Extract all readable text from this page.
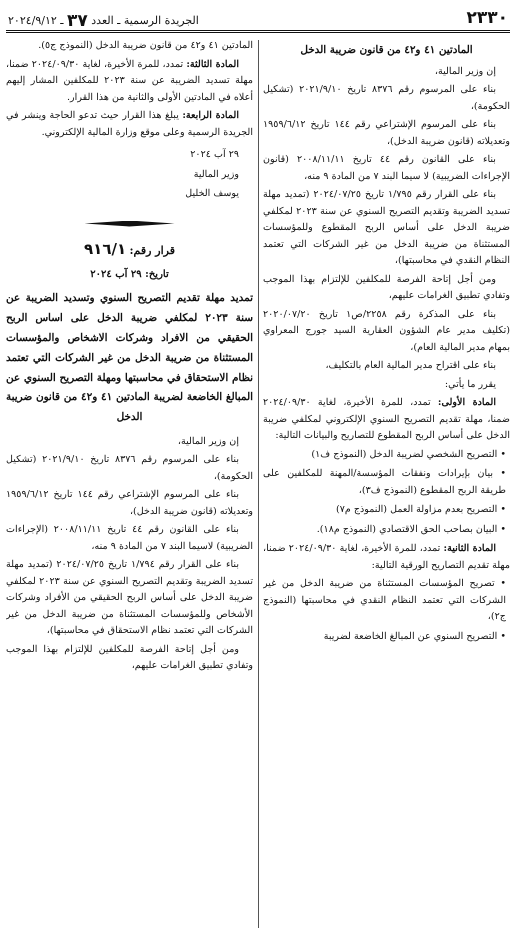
٢٣٣٠
الجريدة الرسمية ـ العدد ٣٧ ـ ٢٠٢٤/٩/١٢

المادتين ٤١ و٤٢ من قانون ضريبة الدخل

إن وزير المالية،

بناء على المرسوم رقم ٨٣٧٦ تاريخ ٢٠٢١/٩/١٠ (تشكيل الحكومة)،

بناء على المرسوم الإشتراعي رقم ١٤٤ تاريخ ١٩٥٩/٦/١٢ وتعديلاته (قانون ضريبة الدخل)،

بناء على القانون رقم ٤٤ تاريخ ٢٠٠٨/١١/١١ (قانون الإجراءات الضريبية) لا سيما البند ٧ من المادة ٩ منه،

بناء على القرار رقم ١/٧٩٥ تاريخ ٢٠٢٤/٠٧/٢٥ (تمديد مهلة تسديد الضريبة وتقديم التصريح السنوي عن سنة ٢٠٢٣ لمكلفي ضريبة الدخل على أساس الربح المقطوع وللمؤسسات المستثناة من ضريبة الدخل من غير الشركات التي تعتمد النظام النقدي في محاسبتها)،

ومن أجل إتاحة الفرصة للمكلفين للإلتزام بهذا الموجب وتفادي تطبيق الغرامات عليهم،

بناء على المذكرة رقم ٢٢٥٨/ص١ تاريخ ٢٠٢٠/٠٧/٢٠ (تكليف مدير عام الشؤون العقارية السيد جورج المعراوي بمهام مدير المالية العام)،

بناء على اقتراح مدير المالية العام بالتكليف،

يقرر ما يأتي:

المادة الأولى: تمدد، للمرة الأخيرة، لغاية ٢٠٢٤/٠٩/٣٠ ضمنا، مهلة تقديم التصريح السنوي الإلكتروني لمكلفي ضريبة الدخل على أساس الربح المقطوع للتصاريح والبيانات التالية:

• التصريح الشخصي لضريبة الدخل (النموذج ف١)
• بيان بإيرادات ونفقات المؤسسة/المهنة للمكلفين على طريقة الربح المقطوع (النموذج ف٣)،
• التصريح بعدم مزاولة العمل (النموذج م٧)
• البيان بصاحب الحق الاقتصادي (النموذج م١٨).

المادة الثانية: تمدد، للمرة الأخيرة، لغاية ٢٠٢٤/٠٩/٣٠ ضمنا، مهلة تقديم التصاريح الورقية التالية:

• تصريح المؤسسات المستثناة من ضريبة الدخل من غير الشركات التي تعتمد النظام النقدي في محاسبتها (النموذج ج٢)،
• التصريح السنوي عن المبالغ الخاضعة لضريبة

المادتين ٤١ و٤٢ من قانون ضريبة الدخل (النموذج ج٥).

المادة الثالثة: تمدد، للمرة الأخيرة، لغاية ٢٠٢٤/٠٩/٣٠ ضمنا، مهلة تسديد الضريبة عن سنة ٢٠٢٣ للمكلفين المشار إليهم أعلاه في المادتين الأولى والثانية من هذا القرار.

المادة الرابعة: يبلغ هذا القرار حيث تدعو الحاجة وينشر في الجريدة الرسمية وعلى موقع وزارة المالية الإلكتروني.

٢٩ آب ٢٠٢٤

وزير المالية

يوسف الخليل

قرار رقم: ٩١٦/١

تاريخ: ٢٩ آب ٢٠٢٤

تمديد مهلة تقديم التصريح السنوي وتسديد الضريبة عن سنة ٢٠٢٣ لمكلفي ضريبة الدخل على اساس الربح الحقيقي من الافراد وشركات الاشخاص والمؤسسات المستثناة من ضريبة الدخل من غير الشركات التي تعتمد نظام الاستحقاق في محاسبتها ومهلة التصريح السنوي عن المبالغ الخاضعة لضريبة المادتين ٤١ و٤٢ من قانون ضريبة الدخل

إن وزير المالية،

بناء على المرسوم رقم ٨٣٧٦ تاريخ ٢٠٢١/٩/١٠ (تشكيل الحكومة)،

بناء على المرسوم الإشتراعي رقم ١٤٤ تاريخ ١٩٥٩/٦/١٢ وتعديلاته (قانون ضريبة الدخل)،

بناء على القانون رقم ٤٤ تاريخ ٢٠٠٨/١١/١١ (الإجراءات الضريبية) لاسيما البند ٧ من المادة ٩ منه،

بناء على القرار رقم ١/٧٩٤ تاريخ ٢٠٢٤/٠٧/٢٥ (تمديد مهلة تسديد الضريبة وتقديم التصريح السنوي عن سنة ٢٠٢٣ لمكلفي ضريبة الدخل على أساس الربح الحقيقي من الأفراد وشركات الأشخاص وللمؤسسات المستثناة من ضريبة الدخل من غير الشركات التي تعتمد نظام الاستحقاق في محاسبتها)،

ومن أجل إتاحة الفرصة للمكلفين للإلتزام بهذا الموجب وتفادي تطبيق الغرامات عليهم،
